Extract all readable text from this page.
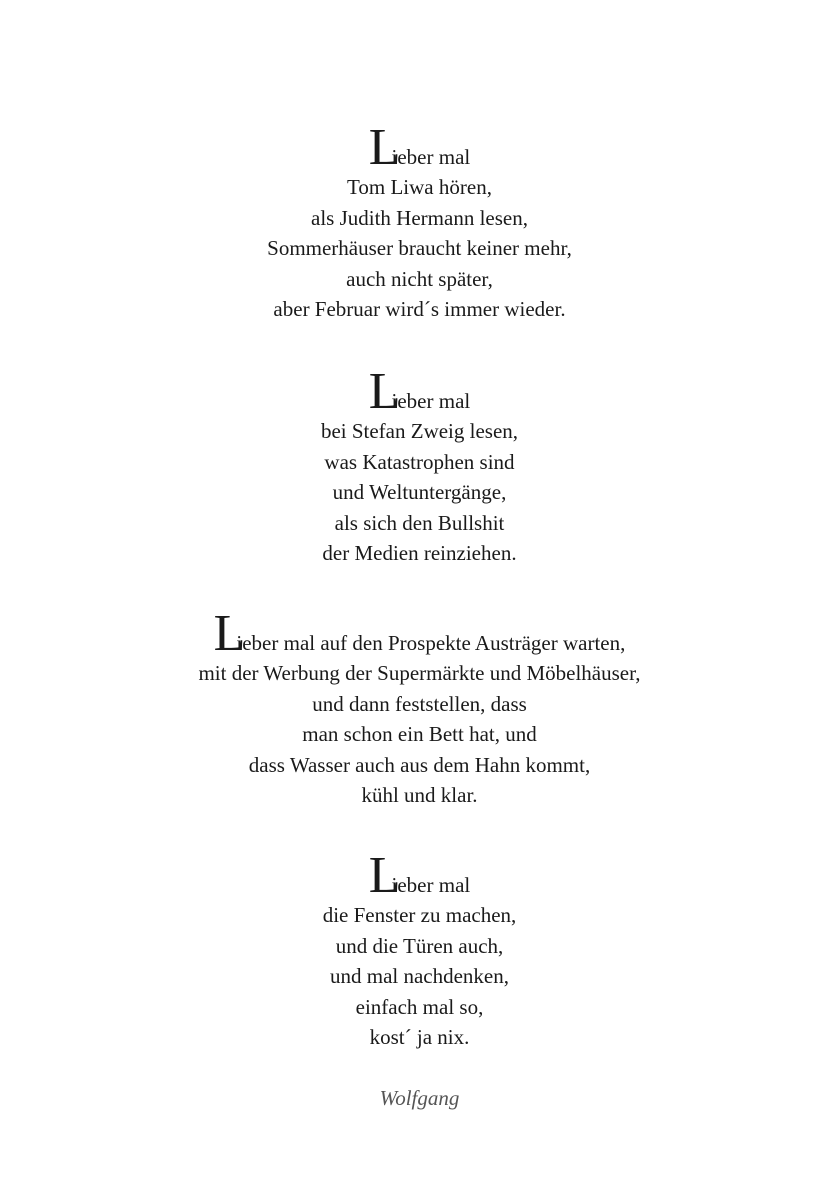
Lieber mal
Tom Liwa hören,
als Judith Hermann lesen,
Sommerhäuser braucht keiner mehr,
auch nicht später,
aber Februar wird´s immer wieder.
Lieber mal
bei Stefan Zweig lesen,
was Katastrophen sind
und Weltuntergänge,
als sich den Bullshit
der Medien reinziehen.
Lieber mal auf den Prospekte Austräger warten,
mit der Werbung der Supermärkte und Möbelhäuser,
und dann feststellen, dass
man schon ein Bett hat, und
dass Wasser auch aus dem Hahn kommt,
kühl und klar.
Lieber mal
die Fenster zu machen,
und die Türen auch,
und mal nachdenken,
einfach mal so,
kost´ ja nix.
Wolfgang
